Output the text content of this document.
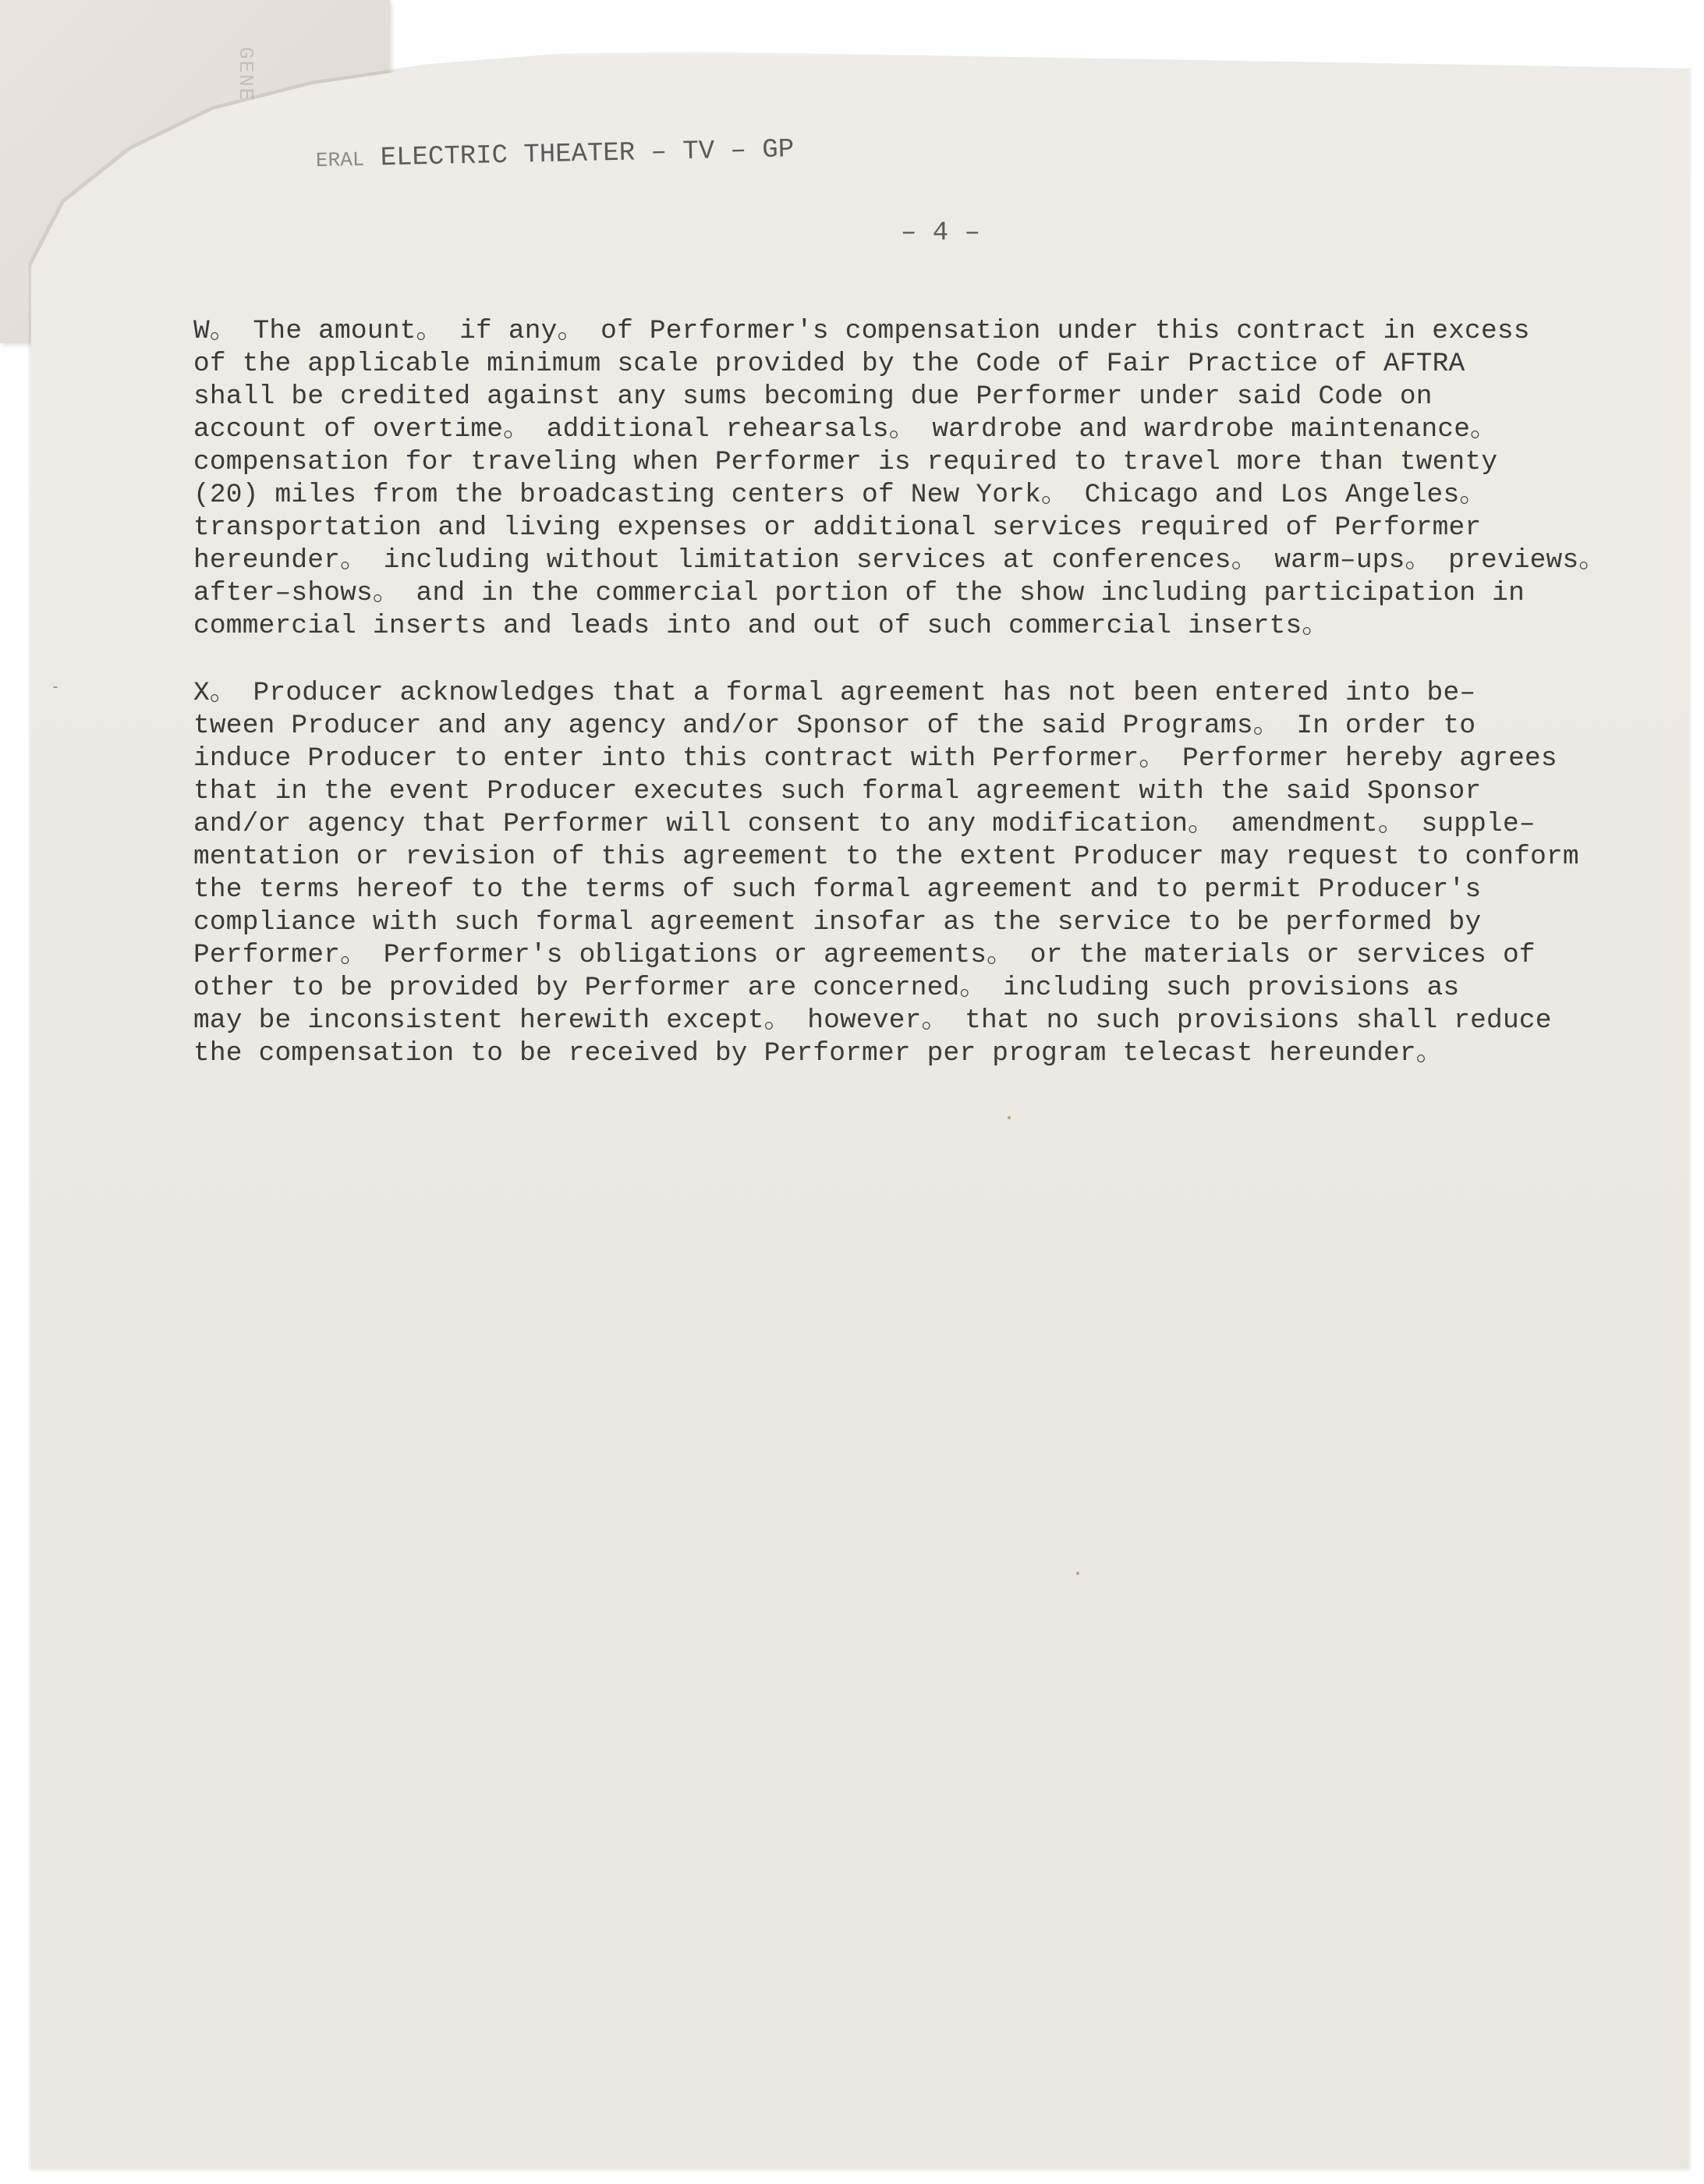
ERAL ELECTRIC THEATER – TV – GP
– 4 –

W。 The amount。 if any。 of Performer's compensation under this contract in excess
of the applicable minimum scale provided by the Code of Fair Practice of AFTRA
shall be credited against any sums becoming due Performer under said Code on
account of overtime。 additional rehearsals。 wardrobe and wardrobe maintenance。
compensation for traveling when Performer is required to travel more than twenty
(20) miles from the broadcasting centers of New York。 Chicago and Los Angeles。
transportation and living expenses or additional services required of Performer
hereunder。 including without limitation services at conferences。 warm–ups。 previews。
after–shows。 and in the commercial portion of the show including participation in
commercial inserts and leads into and out of such commercial inserts。

X。 Producer acknowledges that a formal agreement has not been entered into be–
tween Producer and any agency and/or Sponsor of the said Programs。 In order to
induce Producer to enter into this contract with Performer。 Performer hereby agrees
that in the event Producer executes such formal agreement with the said Sponsor
and/or agency that Performer will consent to any modification。 amendment。 supple–
mentation or revision of this agreement to the extent Producer may request to conform
the terms hereof to the terms of such formal agreement and to permit Producer's
compliance with such formal agreement insofar as the service to be performed by
Performer。 Performer's obligations or agreements。 or the materials or services of
other to be provided by Performer are concerned。 including such provisions as
may be inconsistent herewith except。 however。 that no such provisions shall reduce
the compensation to be received by Performer per program telecast hereunder。
